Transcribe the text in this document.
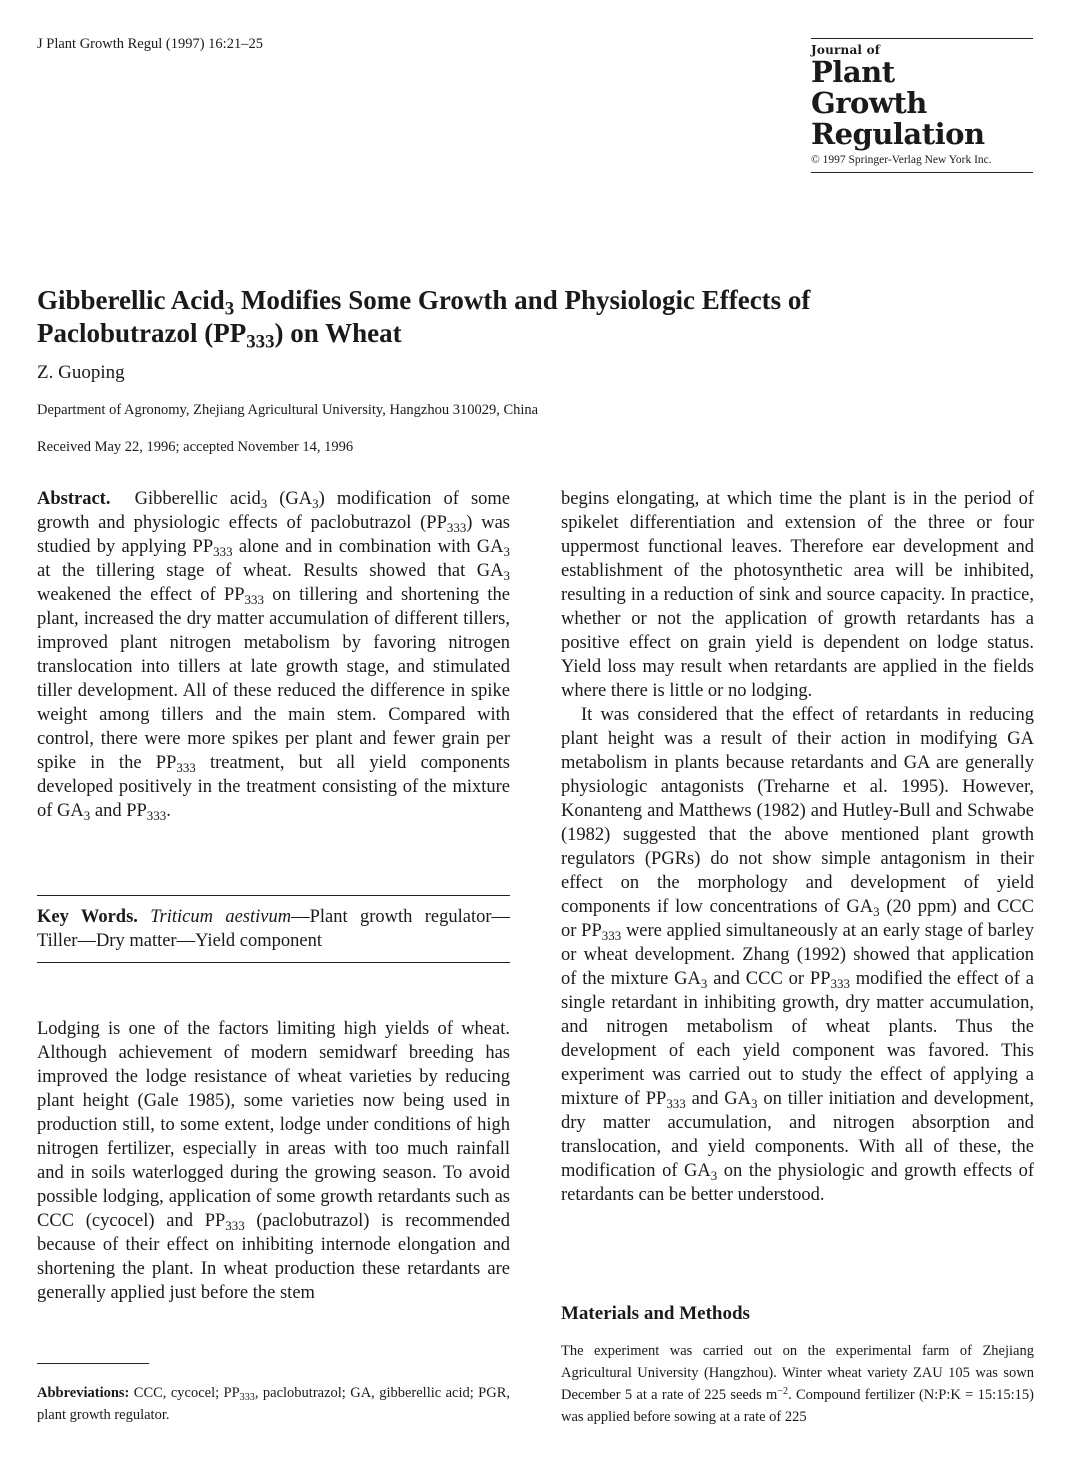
J Plant Growth Regul (1997) 16:21–25	Journal of
Plant
Growth
Regulation
© 1997 Springer-Verlag New York Inc.
Gibberellic Acid$_3$ Modifies Some Growth and Physiologic Effects of
Paclobutrazol $(PP_{333})$ on Wheat
Z. Guoping
Department of Agronomy, Zhejiang Agricultural University, Hangzhou 310029, China
Received May 22, 1996; accepted November 14, 1996

Abstract.  Gibberellic acid$_3$ $(GA_3)$ modification of some growth and physiologic effects of paclobutrazol $(PP_{333})$ was studied by applying $PP_{333}$ alone and in combination with $GA_3$ at the tillering stage of wheat. Results showed that $GA_3$ weakened the effect of $PP_{333}$ on tillering and shortening the plant, increased the dry matter accumulation of different tillers, improved plant nitrogen metabolism by favoring nitrogen translocation into tillers at late growth stage, and stimulated tiller development. All of these reduced the difference in spike weight among tillers and the main stem. Compared with control, there were more spikes per plant and fewer grain per spike in the $PP_{333}$ treatment, but all yield components developed positively in the treatment consisting of the mixture of $GA_3$ and $PP_{333}$.

Key Words. Triticum aestivum—Plant growth regulator—Tiller—Dry matter—Yield component

Lodging is one of the factors limiting high yields of wheat. Although achievement of modern semidwarf breeding has improved the lodge resistance of wheat varieties by reducing plant height (Gale 1985), some varieties now being used in production still, to some extent, lodge under conditions of high nitrogen fertilizer, especially in areas with too much rainfall and in soils waterlogged during the growing season. To avoid possible lodging, application of some growth retardants such as CCC (cycocel) and $PP_{333}$ (paclobutrazol) is recommended because of their effect on inhibiting internode elongation and shortening the plant. In wheat production these retardants are generally applied just before the stem

Abbreviations: CCC, cycocel; $PP_{333}$, paclobutrazol; GA, gibberellic acid; PGR, plant growth regulator.

begins elongating, at which time the plant is in the period of spikelet differentiation and extension of the three or four uppermost functional leaves. Therefore ear development and establishment of the photosynthetic area will be inhibited, resulting in a reduction of sink and source capacity. In practice, whether or not the application of growth retardants has a positive effect on grain yield is dependent on lodge status. Yield loss may result when retardants are applied in the fields where there is little or no lodging.

It was considered that the effect of retardants in reducing plant height was a result of their action in modifying GA metabolism in plants because retardants and GA are generally physiologic antagonists (Treharne et al. 1995). However, Konanteng and Matthews (1982) and Hutley-Bull and Schwabe (1982) suggested that the above mentioned plant growth regulators (PGRs) do not show simple antagonism in their effect on the morphology and development of yield components if low concentrations of $GA_3$ (20 ppm) and CCC or $PP_{333}$ were applied simultaneously at an early stage of barley or wheat development. Zhang (1992) showed that application of the mixture $GA_3$ and CCC or $PP_{333}$ modified the effect of a single retardant in inhibiting growth, dry matter accumulation, and nitrogen metabolism of wheat plants. Thus the development of each yield component was favored. This experiment was carried out to study the effect of applying a mixture of $PP_{333}$ and $GA_3$ on tiller initiation and development, dry matter accumulation, and nitrogen absorption and translocation, and yield components. With all of these, the modification of $GA_3$ on the physiologic and growth effects of retardants can be better understood.

Materials and Methods
The experiment was carried out on the experimental farm of Zhejiang Agricultural University (Hangzhou). Winter wheat variety ZAU 105 was sown December 5 at a rate of 225 seeds $m^{-2}$. Compound fertilizer (N:P:K = 15:15:15) was applied before sowing at a rate of 225
